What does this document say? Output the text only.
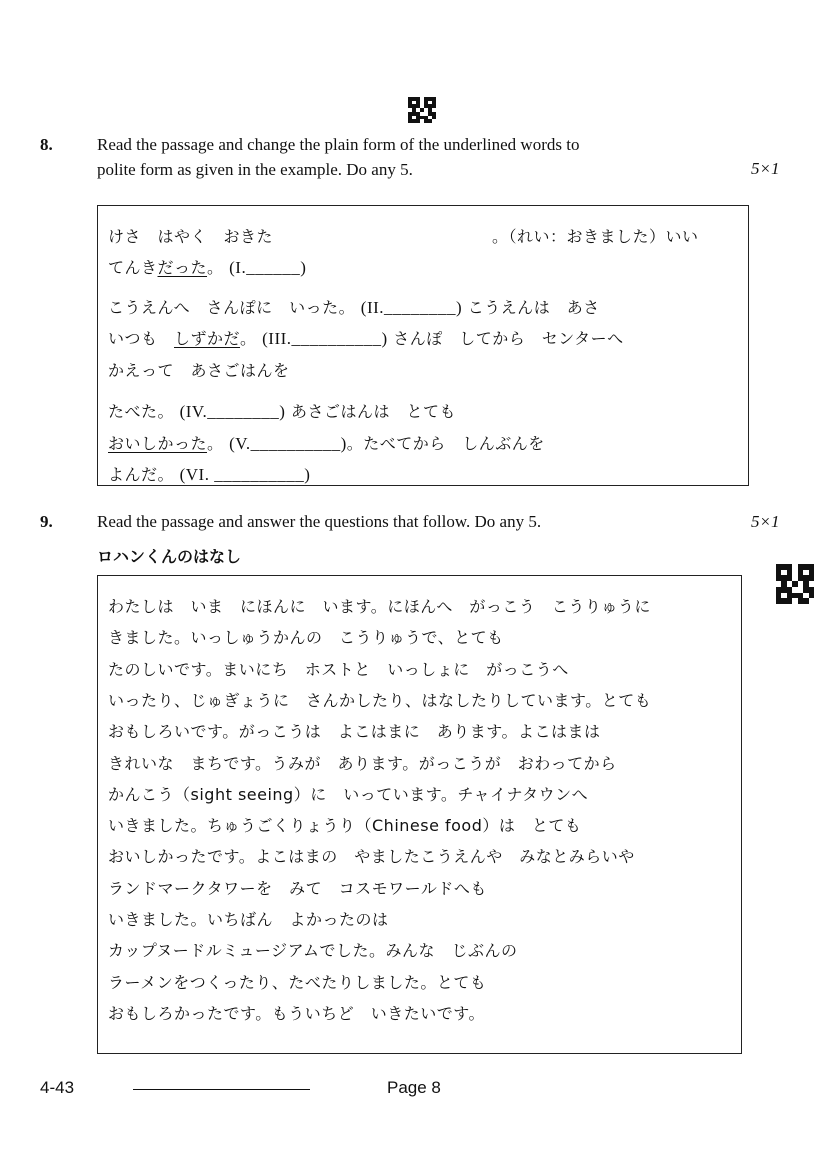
8.	Read the passage and change the plain form of the underlined words to
polite form as given in the example. Do any 5.	5×1
けさ　はやく　おきた	。（れい：おきました）いい
てんきだった。 (I.______)
こうえんへ　さんぽに　いった。 (II.________) こうえんは　あさ
いつも　しずかだ。 (III.__________) さんぽ　してから　センターへ
かえって　あさごはんを
たべた。 (IV.________) あさごはんは　とても
おいしかった。 (V.__________)。たべてから　しんぶんを
よんだ。 (VI. __________)
9.	Read the passage and answer the questions that follow. Do any 5.	5×1
ロハンくんのはなし
わたしは　いま　にほんに　います。にほんへ　がっこう　こうりゅうに
きました。いっしゅうかんの　こうりゅうで、とても
たのしいです。まいにち　ホストと　いっしょに　がっこうへ
いったり、じゅぎょうに　さんかしたり、はなしたりしています。とても
おもしろいです。がっこうは　よこはまに　あります。よこはまは
きれいな　まちです。うみが　あります。がっこうが　おわってから
かんこう（sight seeing）に　いっています。チャイナタウンへ
いきました。ちゅうごくりょうり（Chinese food）は　とても
おいしかったです。よこはまの　やましたこうえんや　みなとみらいや
ランドマークタワーを　みて　コスモワールドへも
いきました。いちばん　よかったのは
カップヌードルミュージアムでした。みんな　じぶんの
ラーメンをつくったり、たべたりしました。とても
おもしろかったです。もういちど　いきたいです。
4-43	Page 8
